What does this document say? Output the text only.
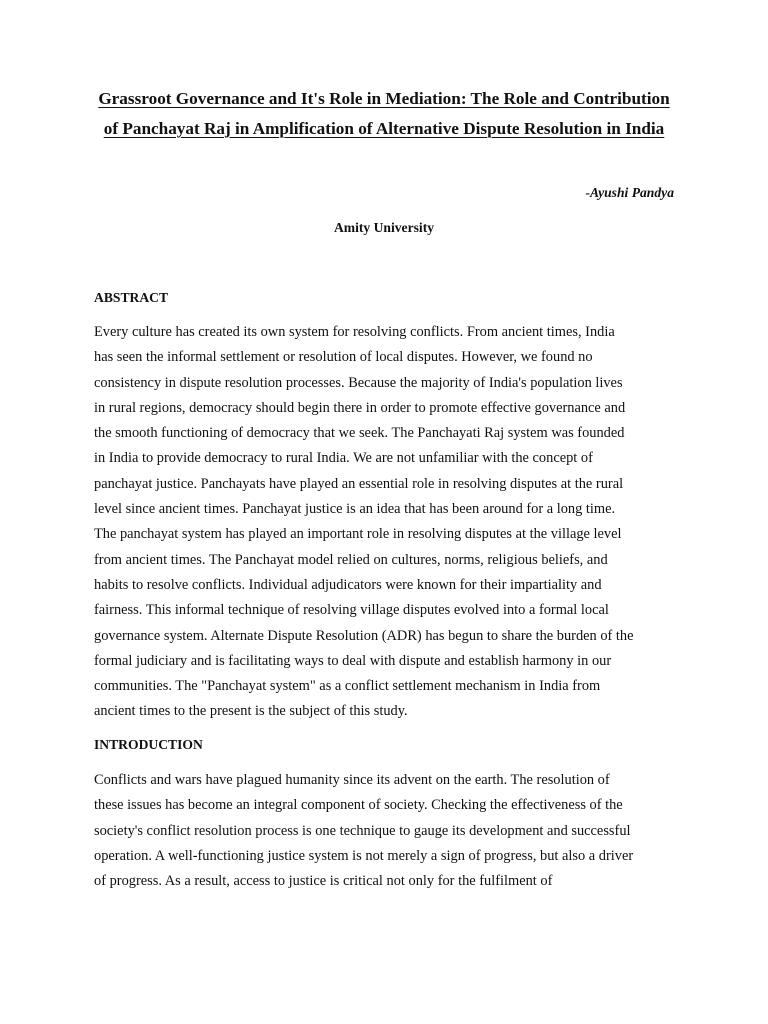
Grassroot Governance and It's Role in Mediation: The Role and Contribution of Panchayat Raj in Amplification of Alternative Dispute Resolution in India

-Ayushi Pandya

Amity University

ABSTRACT

Every culture has created its own system for resolving conflicts. From ancient times, India
has seen the informal settlement or resolution of local disputes. However, we found no
consistency in dispute resolution processes. Because the majority of India's population lives
in rural regions, democracy should begin there in order to promote effective governance and
the smooth functioning of democracy that we seek. The Panchayati Raj system was founded
in India to provide democracy to rural India. We are not unfamiliar with the concept of
panchayat justice. Panchayats have played an essential role in resolving disputes at the rural
level since ancient times. Panchayat justice is an idea that has been around for a long time.
The panchayat system has played an important role in resolving disputes at the village level
from ancient times. The Panchayat model relied on cultures, norms, religious beliefs, and
habits to resolve conflicts. Individual adjudicators were known for their impartiality and
fairness. This informal technique of resolving village disputes evolved into a formal local
governance system. Alternate Dispute Resolution (ADR) has begun to share the burden of the
formal judiciary and is facilitating ways to deal with dispute and establish harmony in our
communities. The "Panchayat system" as a conflict settlement mechanism in India from
ancient times to the present is the subject of this study.

INTRODUCTION

Conflicts and wars have plagued humanity since its advent on the earth. The resolution of
these issues has become an integral component of society. Checking the effectiveness of the
society's conflict resolution process is one technique to gauge its development and successful
operation. A well-functioning justice system is not merely a sign of progress, but also a driver
of progress. As a result, access to justice is critical not only for the fulfilment of
